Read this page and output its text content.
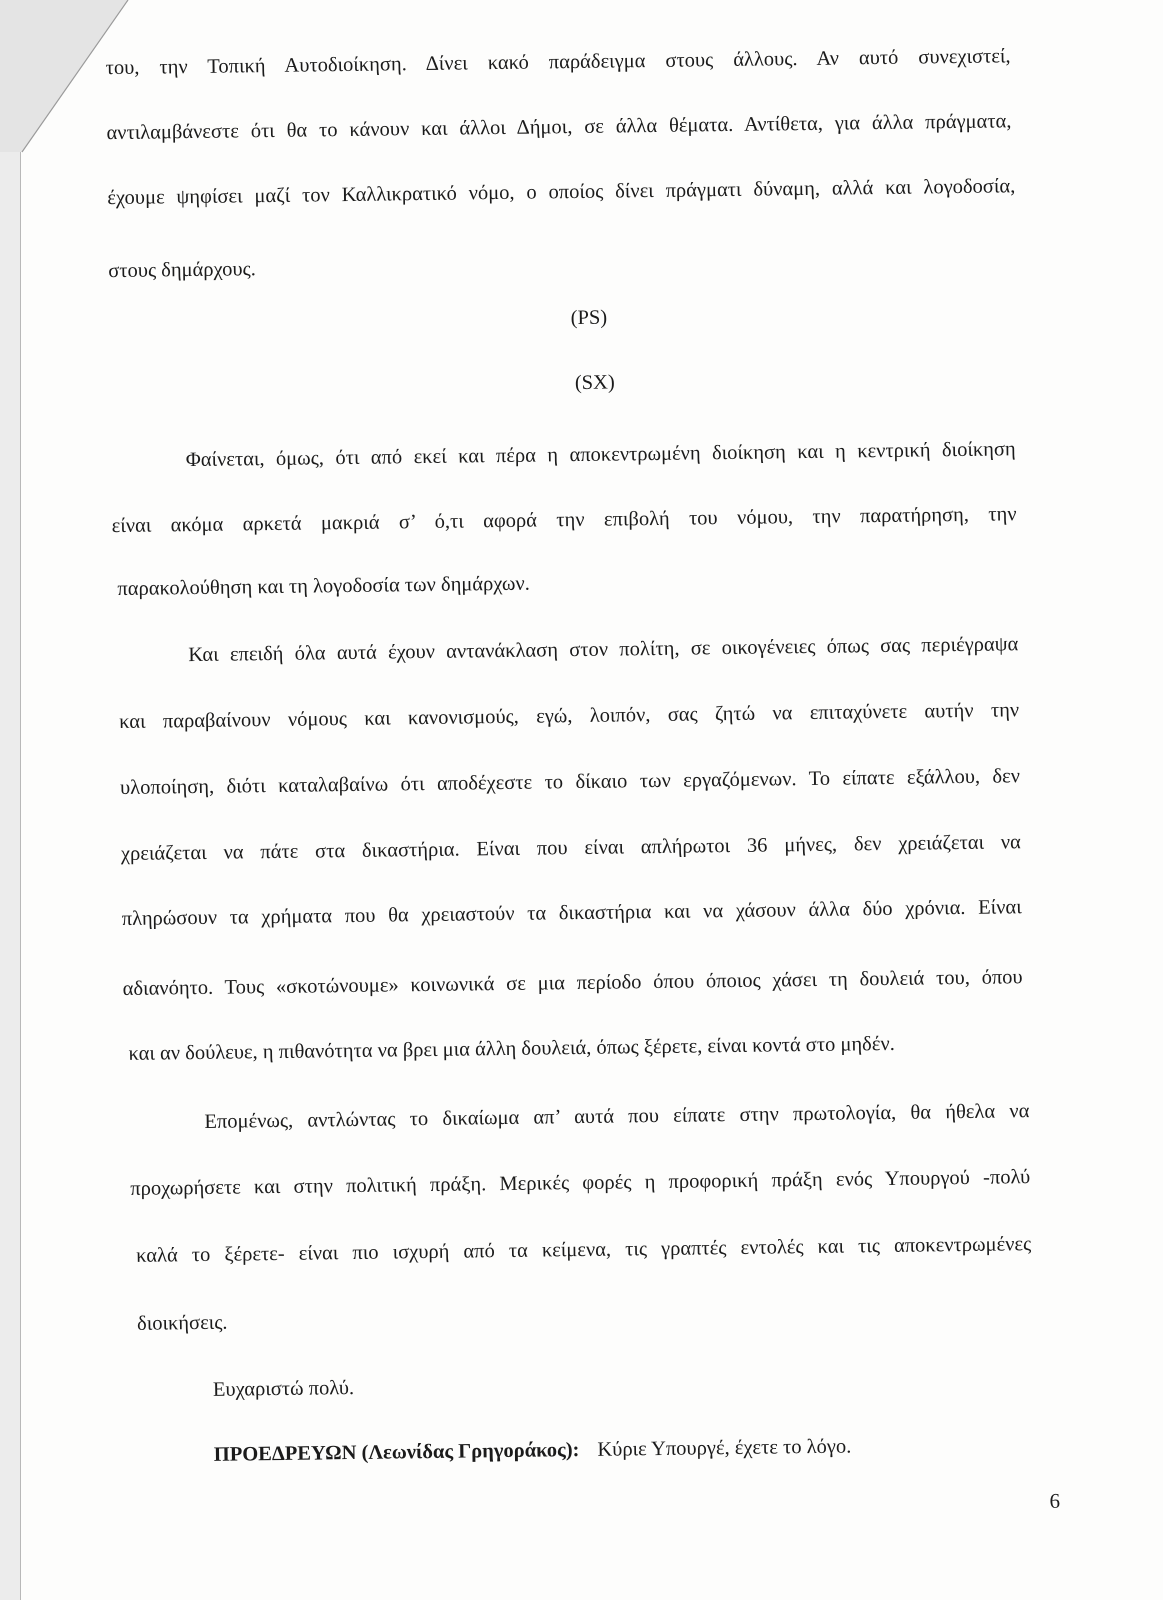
του, την Τοπική Αυτοδιοίκηση. Δίνει κακό παράδειγμα στους άλλους. Αν αυτό συνεχιστεί,
αντιλαμβάνεστε ότι θα το κάνουν και άλλοι Δήμοι, σε άλλα θέματα. Αντίθετα, για άλλα πράγματα,
έχουμε ψηφίσει μαζί τον Καλλικρατικό νόμο, ο οποίος δίνει πράγματι δύναμη, αλλά και λογοδοσία,
στους δημάρχους.
(PS)
(SX)
Φαίνεται, όμως, ότι από εκεί και πέρα η αποκεντρωμένη διοίκηση και η κεντρική διοίκηση
είναι ακόμα αρκετά μακριά σ’ ό,τι αφορά την επιβολή του νόμου, την παρατήρηση, την
παρακολούθηση και τη λογοδοσία των δημάρχων.
Και επειδή όλα αυτά έχουν αντανάκλαση στον πολίτη, σε οικογένειες όπως σας περιέγραψα
και παραβαίνουν νόμους και κανονισμούς, εγώ, λοιπόν, σας ζητώ να επιταχύνετε αυτήν την
υλοποίηση, διότι καταλαβαίνω ότι αποδέχεστε το δίκαιο των εργαζόμενων. Το είπατε εξάλλου, δεν
χρειάζεται να πάτε στα δικαστήρια. Είναι που είναι απλήρωτοι 36 μήνες, δεν χρειάζεται να
πληρώσουν τα χρήματα που θα χρειαστούν τα δικαστήρια και να χάσουν άλλα δύο χρόνια. Είναι
αδιανόητο. Τους «σκοτώνουμε» κοινωνικά σε μια περίοδο όπου όποιος χάσει τη δουλειά του, όπου
και αν δούλευε, η πιθανότητα να βρει μια άλλη δουλειά, όπως ξέρετε, είναι κοντά στο μηδέν.
Επομένως, αντλώντας το δικαίωμα απ’ αυτά που είπατε στην πρωτολογία, θα ήθελα να
προχωρήσετε και στην πολιτική πράξη. Μερικές φορές η προφορική πράξη ενός Υπουργού -πολύ
καλά το ξέρετε- είναι πιο ισχυρή από τα κείμενα, τις γραπτές εντολές και τις αποκεντρωμένες
διοικήσεις.
Ευχαριστώ πολύ.
ΠΡΟΕΔΡΕΥΩΝ (Λεωνίδας Γρηγοράκος): Κύριε Υπουργέ, έχετε το λόγο.
6
